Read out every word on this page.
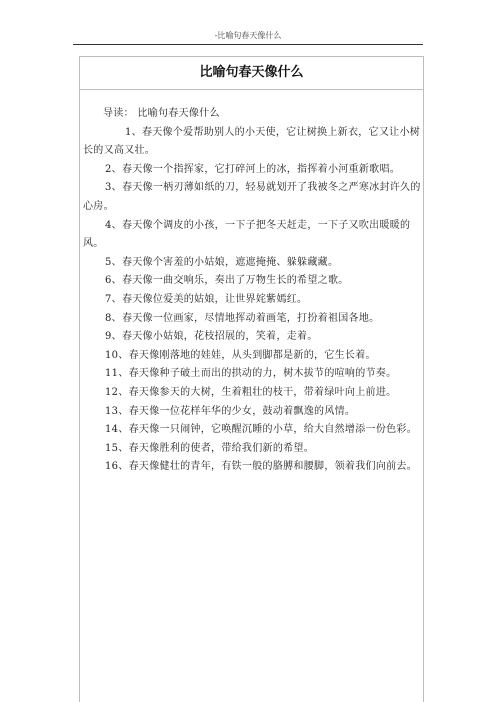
-比喻句春天像什么
比喻句春天像什么

导读： 比喻句春天像什么

1、春天像个爱帮助别人的小天使，它让树换上新衣，它又让小树长的又高又壮。

2、春天像一个指挥家，它打碎河上的冰，指挥着小河重新歌唱。

3、春天像一柄刃薄如纸的刀，轻易就划开了我被冬之严寒冰封许久的心房。

4、春天像个调皮的小孩，一下子把冬天赶走，一下子又吹出暖暖的风。

5、春天像个害羞的小姑娘，遮遮掩掩、躲躲藏藏。

6、春天像一曲交响乐，奏出了万物生长的希望之歌。

7、春天像位爱美的姑娘，让世界姹紫嫣红。

8、春天像一位画家，尽情地挥动着画笔，打扮着祖国各地。

9、春天像小姑娘，花枝招展的，笑着，走着。

10、春天像刚落地的娃娃，从头到脚都是新的，它生长着。

11、春天像种子破土而出的拱动的力，树木拔节的喧响的节奏。

12、春天像参天的大树，生着粗壮的枝干，带着绿叶向上前进。

13、春天像一位花样年华的少女，鼓动着飘逸的风情。

14、春天像一只闹钟，它唤醒沉睡的小草，给大自然增添一份色彩。

15、春天像胜利的使者，带给我们新的希望。

16、春天像健壮的青年，有铁一般的胳膊和腰脚，领着我们向前去。
